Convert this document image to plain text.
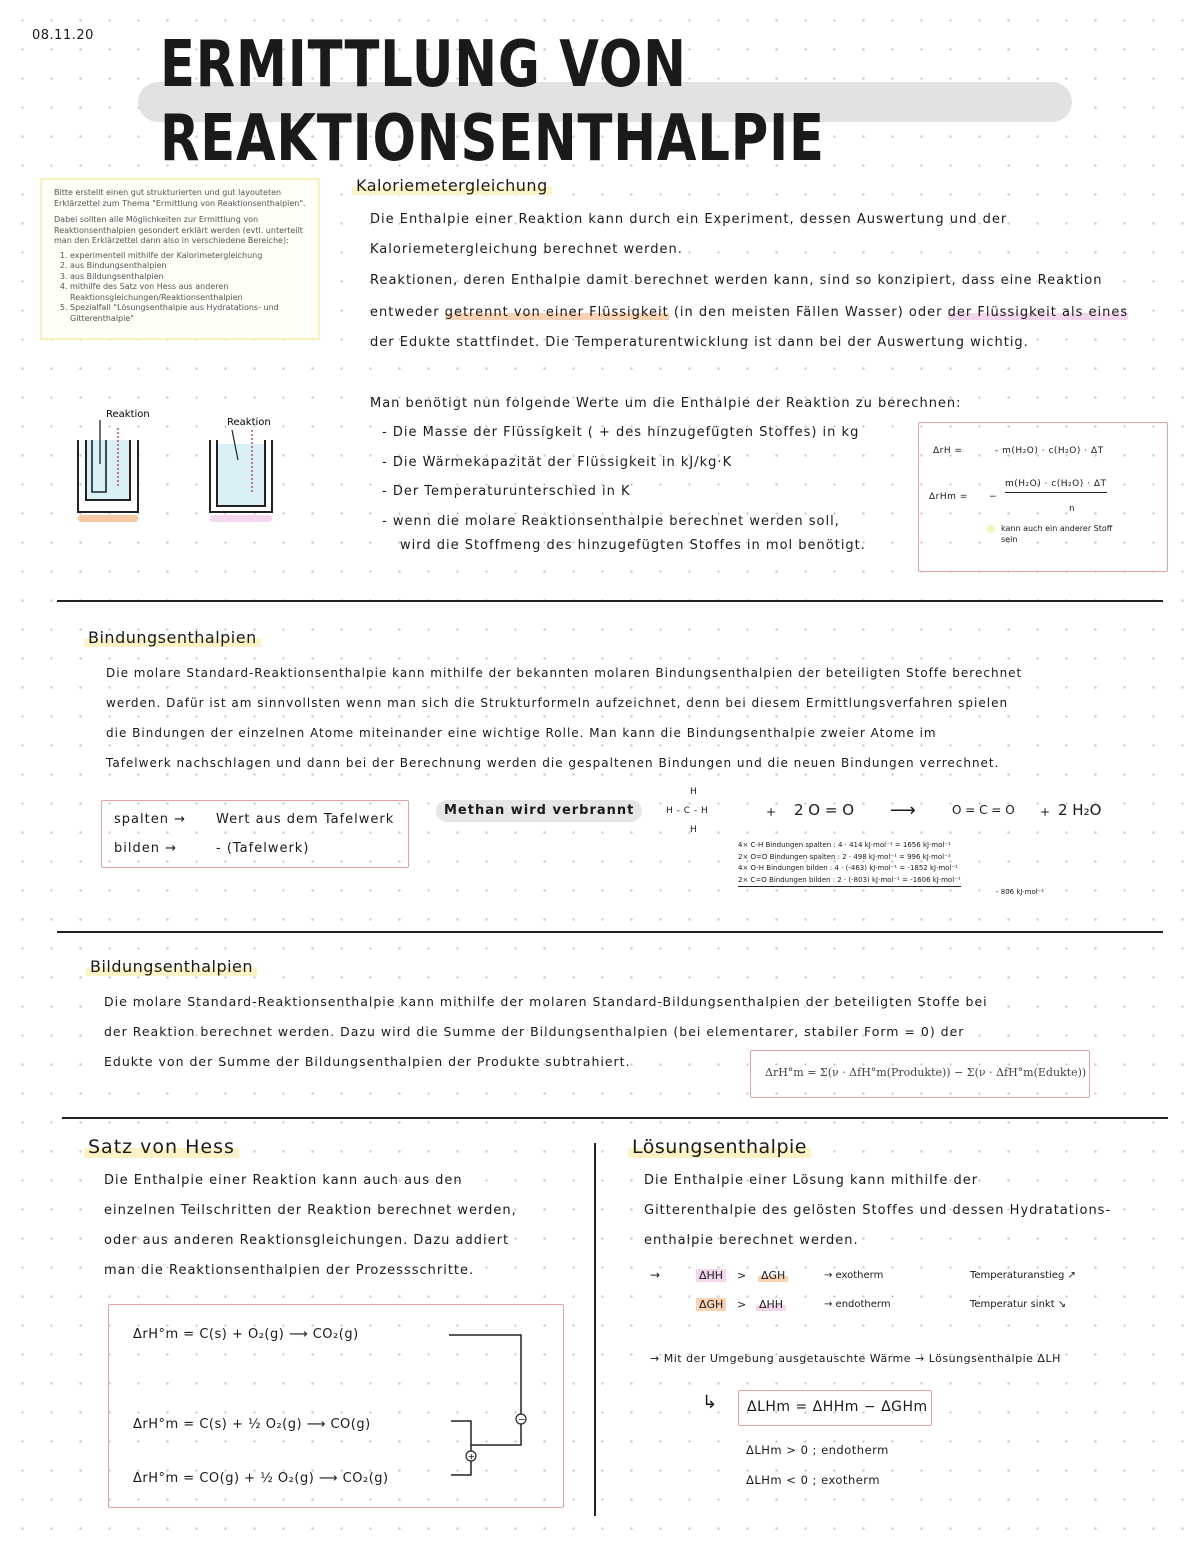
08.11.20 ERMITTLUNG VON REAKTIONSENTHALPIE
Bitte erstellt einen gut strukturierten und gut layouteten Erklärzettel zum Thema "Ermittlung von Reaktionsenthalpien".
Dabei sollten alle Möglichkeiten zur Ermittlung von Reaktionsenthalpien gesondert erklärt werden (evtl. unterteilt man den Erklärzettel dann also in verschiedene Bereiche):
1. experimentell mithilfe der Kalorimetergleichung
2. aus Bindungsenthalpien
3. aus Bildungsenthalpien
4. mithilfe des Satz von Hess aus anderen Reaktionsgleichungen/Reaktionsenthalpien
5. Spezialfall "Lösungsenthalpie aus Hydratations- und Gitterenthalpie"
Kaloriemetergleichung
Die Enthalpie einer Reaktion kann durch ein Experiment, dessen Auswertung und der Kaloriemetergleichung berechnet werden.
Reaktionen, deren Enthalpie damit berechnet werden kann, sind so konzipiert, dass eine Reaktion
entweder getrennt von einer Flüssigkeit (in den meisten Fällen Wasser) oder der Flüssigkeit als eines
der Edukte stattfindet. Die Temperaturentwicklung ist dann bei der Auswertung wichtig.
Reaktion
Reaktion
Man benötigt nun folgende Werte um die Enthalpie der Reaktion zu berechnen:
- Die Masse der Flüssigkeit ( + des hinzugefügten Stoffes) in kg
- Die Wärmekapazität der Flüssigkeit in kJ/kg·K
- Der Temperaturunterschied in K
- wenn die molare Reaktionsenthalpie berechnet werden soll,
wird die Stoffmeng des hinzugefügten Stoffes in mol benötigt.
ΔrH =	- m(H₂O) · c(H₂O) · ΔT
ΔrHm = −
m(H₂O) · c(H₂O) · ΔT
n
kann auch ein anderer Stoff sein
Bindungsenthalpien
Die molare Standard-Reaktionsenthalpie kann mithilfe der bekannten molaren Bindungsenthalpien der beteiligten Stoffe berechnet
werden. Dafür ist am sinnvollsten wenn man sich die Strukturformeln aufzeichnet, denn bei diesem Ermittlungsverfahren spielen
die Bindungen der einzelnen Atome miteinander eine wichtige Rolle. Man kann die Bindungsenthalpie zweier Atome im
Tafelwerk nachschlagen und dann bei der Berechnung werden die gespaltenen Bindungen und die neuen Bindungen verrechnet.
spalten → Wert aus dem Tafelwerk
bilden →	- (Tafelwerk)
Methan wird verbrannt
H
H - C - H
H
+ 2 O = O ⟶	O = C = O + 2 H₂O
4× C-H Bindungen spalten : 4 · 414 kJ·mol⁻¹ = 1656 kJ·mol⁻¹
2× O=O Bindungen spalten : 2 · 498 kJ·mol⁻¹ = 996 kJ·mol⁻¹
4× O-H Bindungen bilden : 4 · (-463) kJ·mol⁻¹ = -1852 kJ·mol⁻¹
2× C=O Bindungen bilden : 2 · (-803) kJ·mol⁻¹ = -1606 kJ·mol⁻¹
- 806 kJ·mol⁻¹
Bildungsenthalpien
Die molare Standard-Reaktionsenthalpie kann mithilfe der molaren Standard-Bildungsenthalpien der beteiligten Stoffe bei
der Reaktion berechnet werden. Dazu wird die Summe der Bildungsenthalpien (bei elementarer, stabiler Form = 0) der
Edukte von der Summe der Bildungsenthalpien der Produkte subtrahiert.
ΔrH°m = Σ(ν · ΔfH°m(Produkte)) − Σ(ν · ΔfH°m(Edukte))
Satz von Hess
Die Enthalpie einer Reaktion kann auch aus den
einzelnen Teilschritten der Reaktion berechnet werden,
oder aus anderen Reaktionsgleichungen. Dazu addiert
man die Reaktionsenthalpien der Prozessschritte.
ΔrH°m = C(s) + O₂(g) ⟶ CO₂(g)
ΔrH°m = C(s) + ½ O₂(g) ⟶ CO(g)
ΔrH°m = CO(g) + ½ O₂(g) ⟶ CO₂(g)
−
+
Lösungsenthalpie
Die Enthalpie einer Lösung kann mithilfe der
Gitterenthalpie des gelösten Stoffes und dessen Hydratations-
enthalpie berechnet werden.
→	ΔHH > ΔGH	→ exotherm	Temperaturanstieg ↗
ΔGH > ΔHH	→ endotherm	Temperatur sinkt ↘
→ Mit der Umgebung ausgetauschte Wärme → Lösungsenthalpie ΔLH
↳ ΔLHm = ΔHHm − ΔGHm
ΔLHm > 0 ; endotherm
ΔLHm < 0 ; exotherm
